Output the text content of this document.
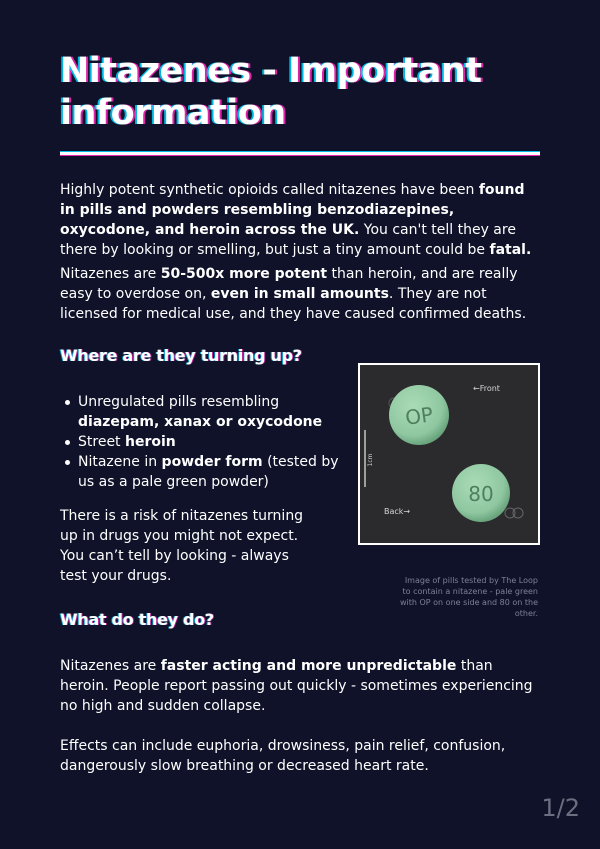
Nitazenes - Important information

Highly potent synthetic opioids called nitazenes have been found in pills and powders resembling benzodiazepines, oxycodone, and heroin across the UK. You can't tell they are there by looking or smelling, but just a tiny amount could be fatal.

Nitazenes are 50-500x more potent than heroin, and are really easy to overdose on, even in small amounts. They are not licensed for medical use, and they have caused confirmed deaths.

Where are they turning up?
Unregulated pills resembling diazepam, xanax or oxycodone
Street heroin
Nitazene in powder form (tested by us as a pale green powder)

There is a risk of nitazenes turning up in drugs you might not expect. You can’t tell by looking - always test your drugs.

OP
←Front
1cm
80
Back→

Image of pills tested by The Loop to contain a nitazene - pale green with OP on one side and 80 on the other.

What do they do?

Nitazenes are faster acting and more unpredictable than heroin. People report passing out quickly - sometimes experiencing no high and sudden collapse.

Effects can include euphoria, drowsiness, pain relief, confusion, dangerously slow breathing or decreased heart rate.

1/2
